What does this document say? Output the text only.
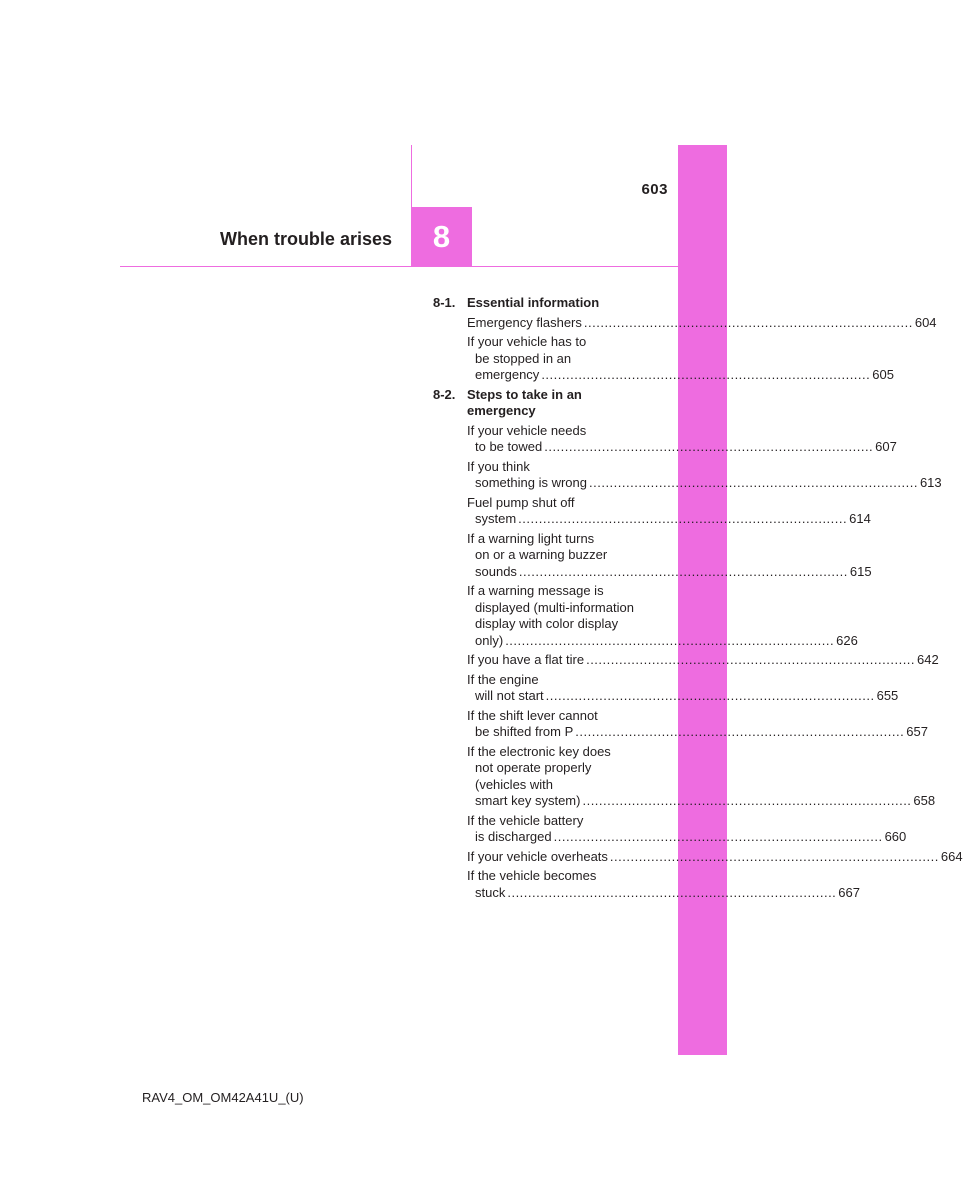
603
When trouble arises 8
8-1. Essential information
Emergency flashers ................................................................................ 604
If your vehicle has to
be stopped in an
emergency ................................................................................ 605
8-2. Steps to take in an
emergency
If your vehicle needs
to be towed ................................................................................ 607
If you think
something is wrong ................................................................................ 613
Fuel pump shut off
system ................................................................................ 614
If a warning light turns
on or a warning buzzer
sounds ................................................................................ 615
If a warning message is
displayed (multi-information
display with color display
only) ................................................................................ 626
If you have a flat tire ................................................................................ 642
If the engine
will not start ................................................................................ 655
If the shift lever cannot
be shifted from P ................................................................................ 657
If the electronic key does
not operate properly
(vehicles with
smart key system) ................................................................................ 658
If the vehicle battery
is discharged ................................................................................ 660
If your vehicle overheats ................................................................................ 664
If the vehicle becomes
stuck ................................................................................ 667
RAV4_OM_OM42A41U_(U)
